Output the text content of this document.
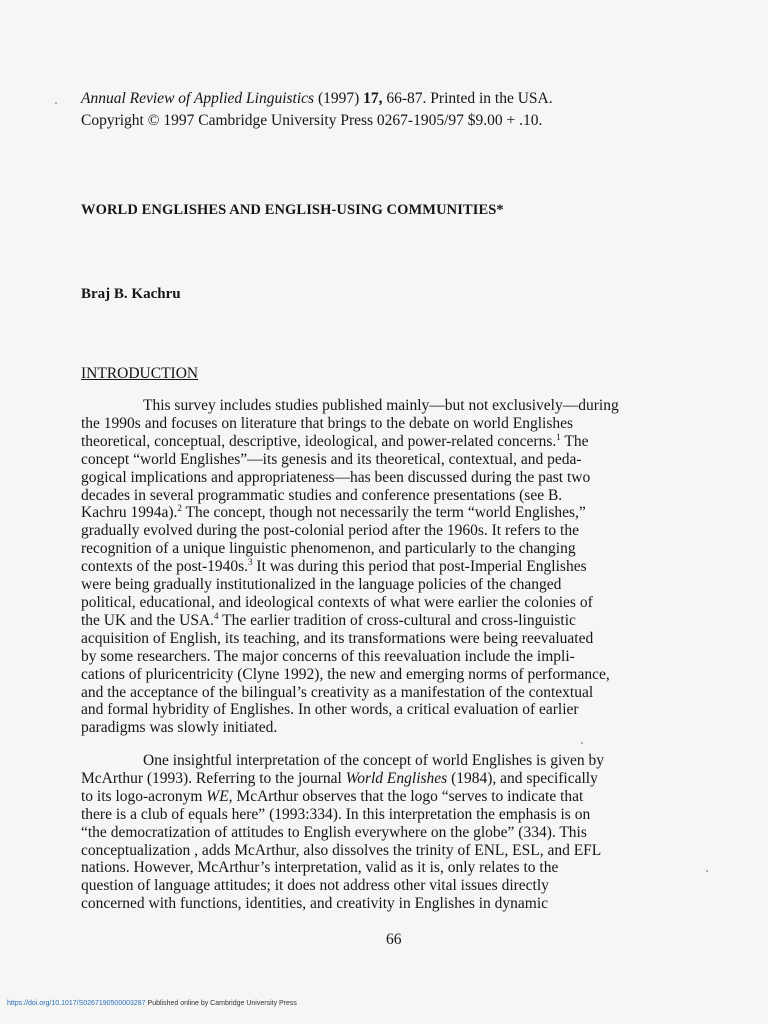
Annual Review of Applied Linguistics (1997) 17, 66-87. Printed in the USA.
Copyright © 1997 Cambridge University Press 0267-1905/97 $9.00 + .10.
WORLD ENGLISHES AND ENGLISH-USING COMMUNITIES*
Braj B. Kachru
INTRODUCTION
This survey includes studies published mainly—but not exclusively—during
the 1990s and focuses on literature that brings to the debate on world Englishes
theoretical, conceptual, descriptive, ideological, and power-related concerns.$^1$ The
concept “world Englishes”—its genesis and its theoretical, contextual, and peda-
gogical implications and appropriateness—has been discussed during the past two
decades in several programmatic studies and conference presentations (see B.
Kachru 1994a).$^2$ The concept, though not necessarily the term “world Englishes,”
gradually evolved during the post-colonial period after the 1960s. It refers to the
recognition of a unique linguistic phenomenon, and particularly to the changing
contexts of the post-1940s.$^3$ It was during this period that post-Imperial Englishes
were being gradually institutionalized in the language policies of the changed
political, educational, and ideological contexts of what were earlier the colonies of
the UK and the USA.$^4$ The earlier tradition of cross-cultural and cross-linguistic
acquisition of English, its teaching, and its transformations were being reevaluated
by some researchers. The major concerns of this reevaluation include the impli-
cations of pluricentricity (Clyne 1992), the new and emerging norms of performance,
and the acceptance of the bilingual’s creativity as a manifestation of the contextual
and formal hybridity of Englishes. In other words, a critical evaluation of earlier
paradigms was slowly initiated.
One insightful interpretation of the concept of world Englishes is given by
McArthur (1993). Referring to the journal World Englishes (1984), and specifically
to its logo-acronym WE, McArthur observes that the logo “serves to indicate that
there is a club of equals here” (1993:334). In this interpretation the emphasis is on
“the democratization of attitudes to English everywhere on the globe” (334). This
conceptualization , adds McArthur, also dissolves the trinity of ENL, ESL, and EFL
nations. However, McArthur’s interpretation, valid as it is, only relates to the
question of language attitudes; it does not address other vital issues directly
concerned with functions, identities, and creativity in Englishes in dynamic
66
https://doi.org/10.1017/S0267190500003287 Published online by Cambridge University Press
